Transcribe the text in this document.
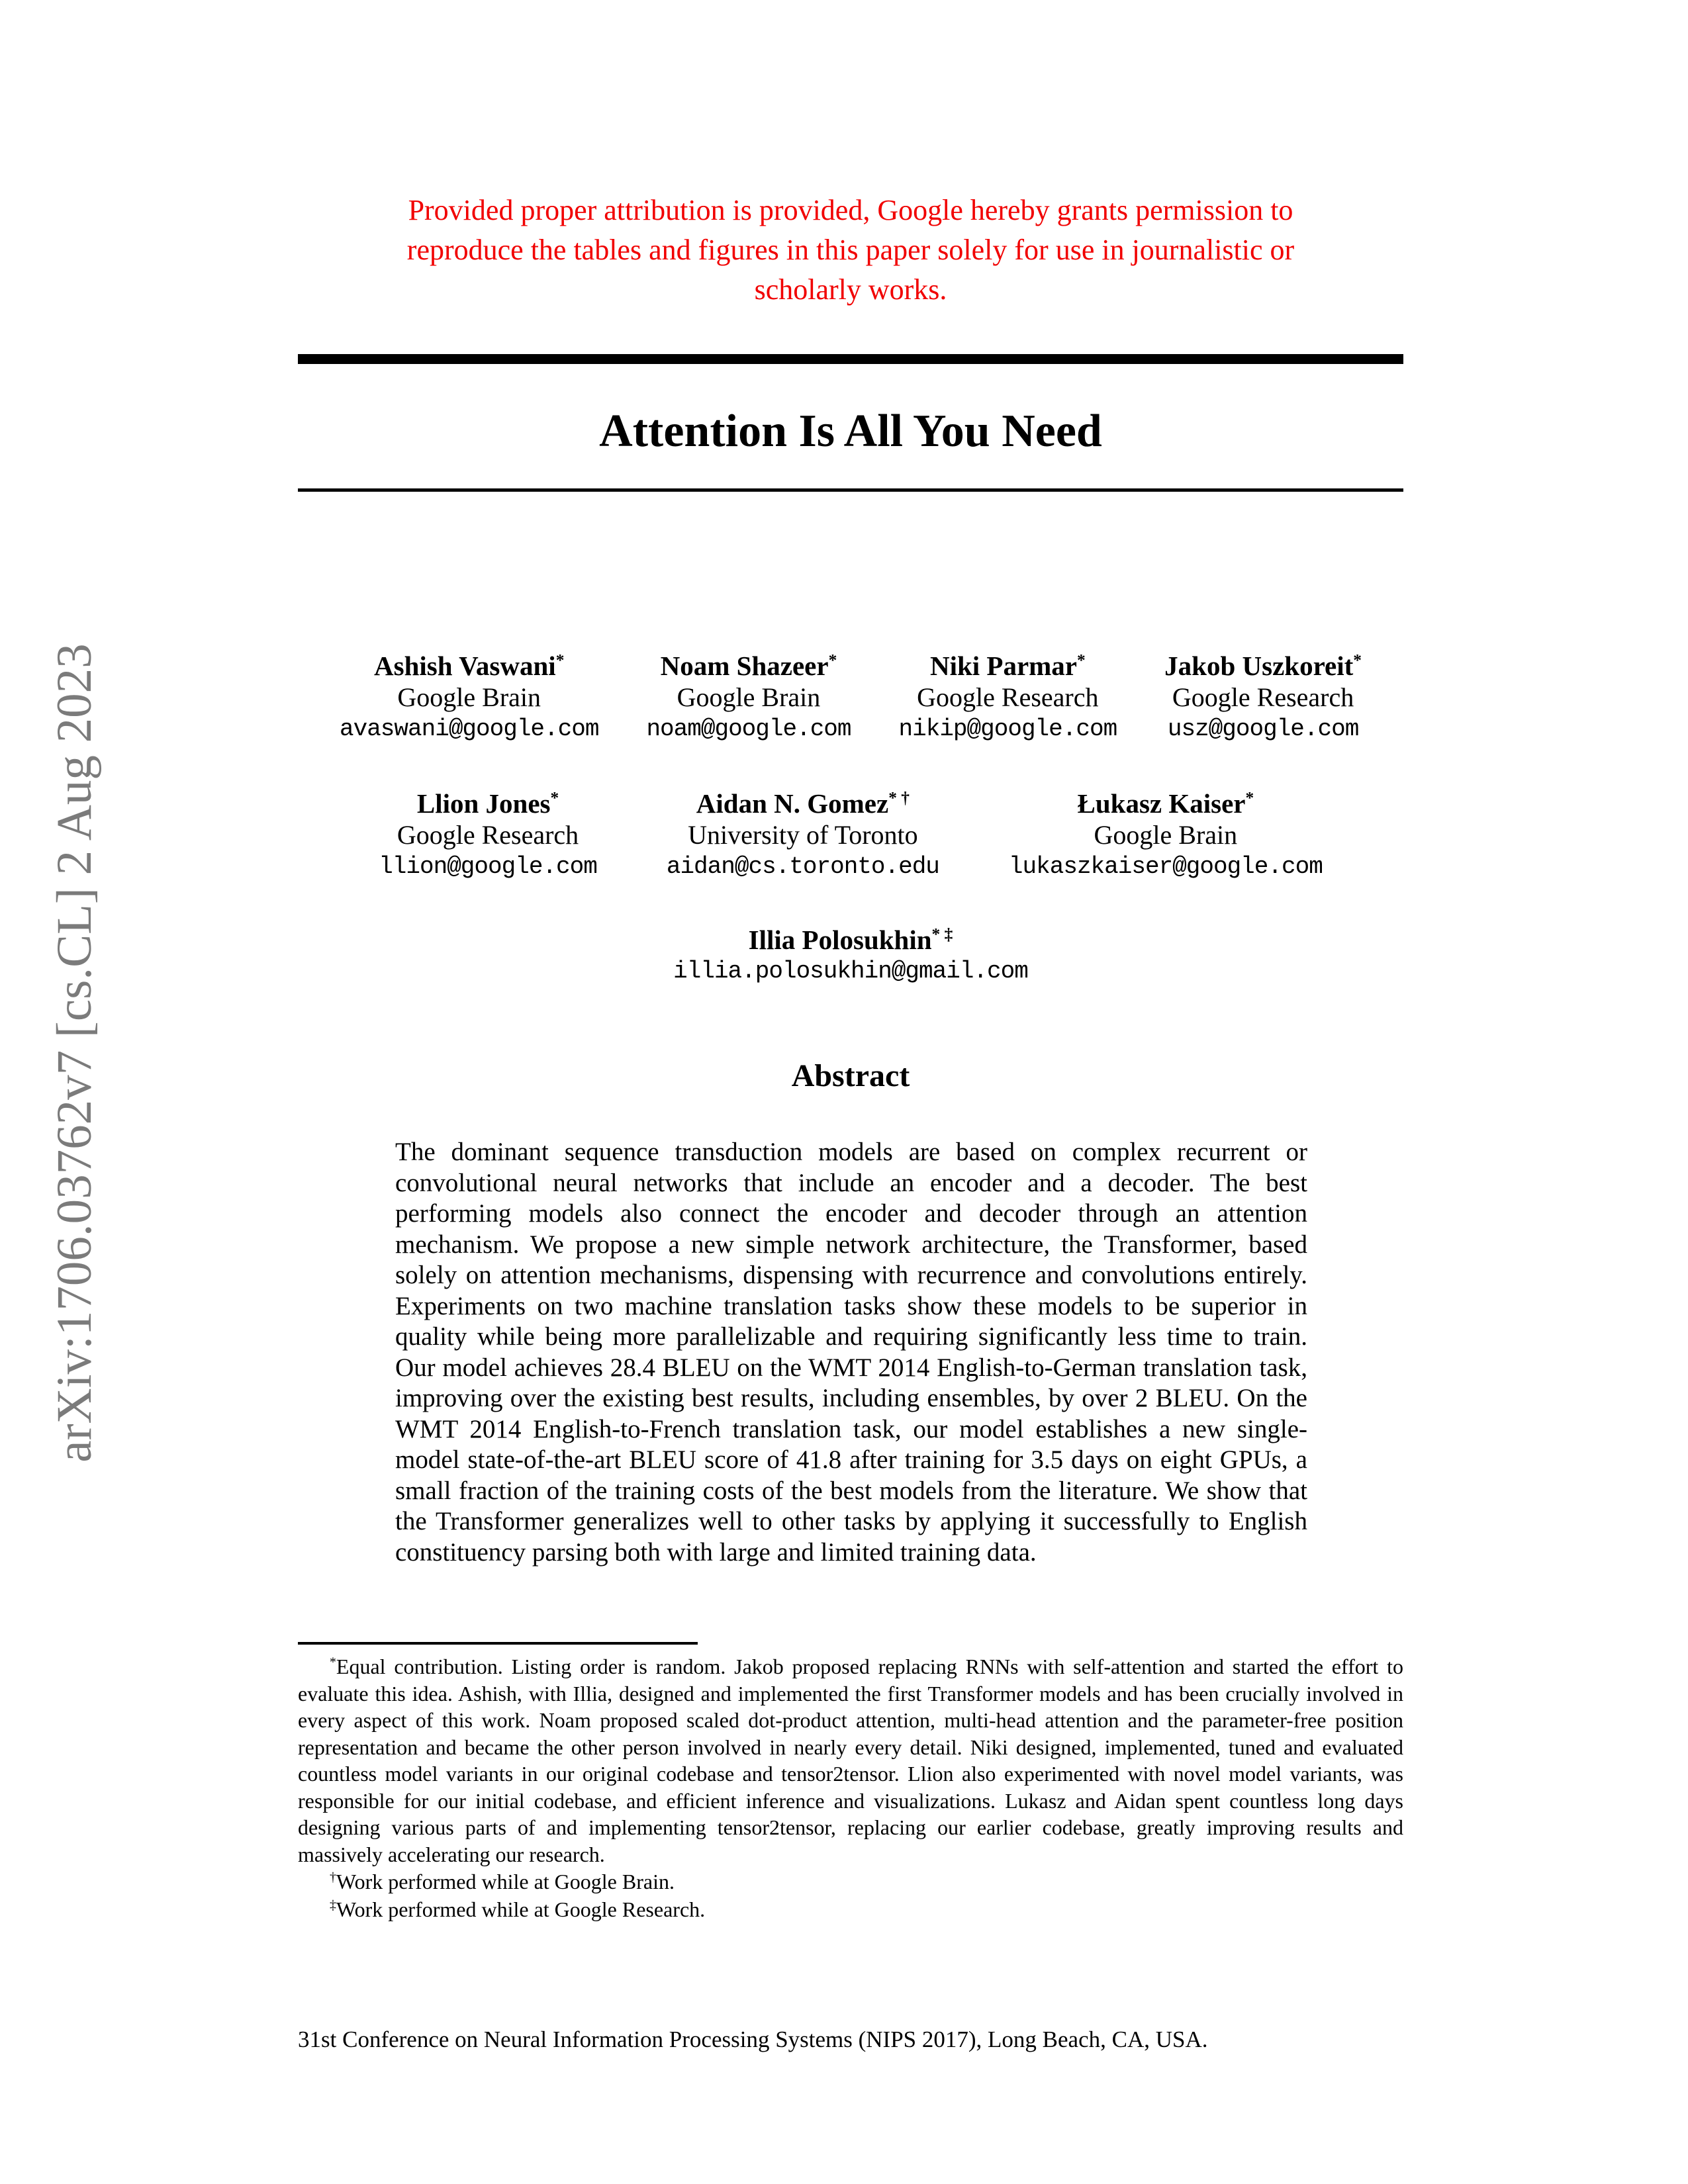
arXiv:1706.03762v7 [cs.CL] 2 Aug 2023
Provided proper attribution is provided, Google hereby grants permission to
reproduce the tables and figures in this paper solely for use in journalistic or
scholarly works.
Attention Is All You Need
Ashish Vaswani*
Google Brain
avaswani@google.com
Noam Shazeer*
Google Brain
noam@google.com
Niki Parmar*
Google Research
nikip@google.com
Jakob Uszkoreit*
Google Research
usz@google.com
Llion Jones*
Google Research
llion@google.com
Aidan N. Gomez* †
University of Toronto
aidan@cs.toronto.edu
Łukasz Kaiser*
Google Brain
lukaszkaiser@google.com
Illia Polosukhin* ‡
illia.polosukhin@gmail.com
Abstract

The dominant sequence transduction models are based on complex recurrent or convolutional neural networks that include an encoder and a decoder. The best performing models also connect the encoder and decoder through an attention mechanism. We propose a new simple network architecture, the Transformer, based solely on attention mechanisms, dispensing with recurrence and convolutions entirely. Experiments on two machine translation tasks show these models to be superior in quality while being more parallelizable and requiring significantly less time to train. Our model achieves 28.4 BLEU on the WMT 2014 English-to-German translation task, improving over the existing best results, including ensembles, by over 2 BLEU. On the WMT 2014 English-to-French translation task, our model establishes a new single-model state-of-the-art BLEU score of 41.8 after training for 3.5 days on eight GPUs, a small fraction of the training costs of the best models from the literature. We show that the Transformer generalizes well to other tasks by applying it successfully to English constituency parsing both with large and limited training data.

*Equal contribution. Listing order is random. Jakob proposed replacing RNNs with self-attention and started the effort to evaluate this idea. Ashish, with Illia, designed and implemented the first Transformer models and has been crucially involved in every aspect of this work. Noam proposed scaled dot-product attention, multi-head attention and the parameter-free position representation and became the other person involved in nearly every detail. Niki designed, implemented, tuned and evaluated countless model variants in our original codebase and tensor2tensor. Llion also experimented with novel model variants, was responsible for our initial codebase, and efficient inference and visualizations. Lukasz and Aidan spent countless long days designing various parts of and implementing tensor2tensor, replacing our earlier codebase, greatly improving results and massively accelerating our research.

†Work performed while at Google Brain.

‡Work performed while at Google Research.

31st Conference on Neural Information Processing Systems (NIPS 2017), Long Beach, CA, USA.
